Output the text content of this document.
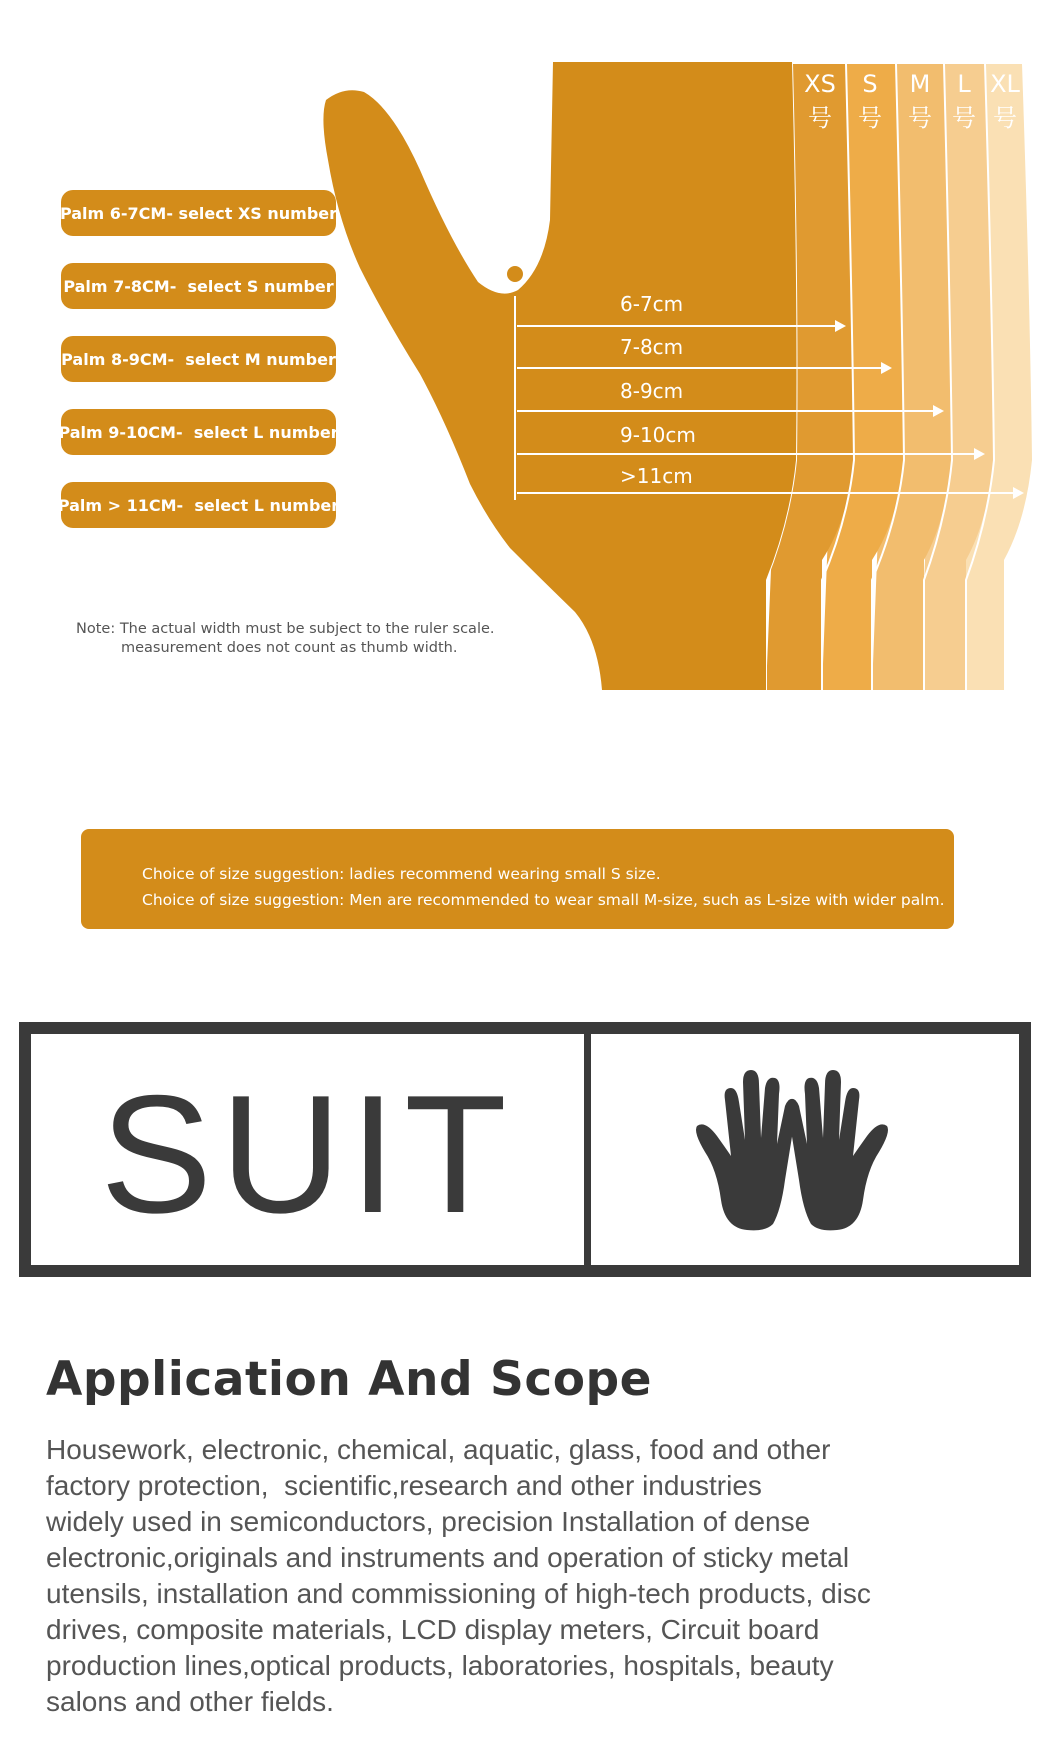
6-7cm
7-8cm
8-9cm
9-10cm
>11cm
XS
号
S
号
M
号
L
号
XL
号
Palm 6-7CM- select XS number
Palm 7-8CM-  select S number
Palm 8-9CM-  select M number
Palm 9-10CM-  select L number
Palm > 11CM-  select L number
Note: The actual width must be subject to the ruler scale.
measurement does not count as thumb width.
Choice of size suggestion: ladies recommend wearing small S size.
Choice of size suggestion: Men are recommended to wear small M-size, such as L-size with wider palm.
SUIT
Application And Scope
Housework, electronic, chemical, aquatic, glass, food and other
factory protection,  scientific,research and other industries
widely used in semiconductors, precision Installation of dense
electronic,originals and instruments and operation of sticky metal
utensils, installation and commissioning of high-tech products, disc
drives, composite materials, LCD display meters, Circuit board
production lines,optical products, laboratories, hospitals, beauty
salons and other fields.
